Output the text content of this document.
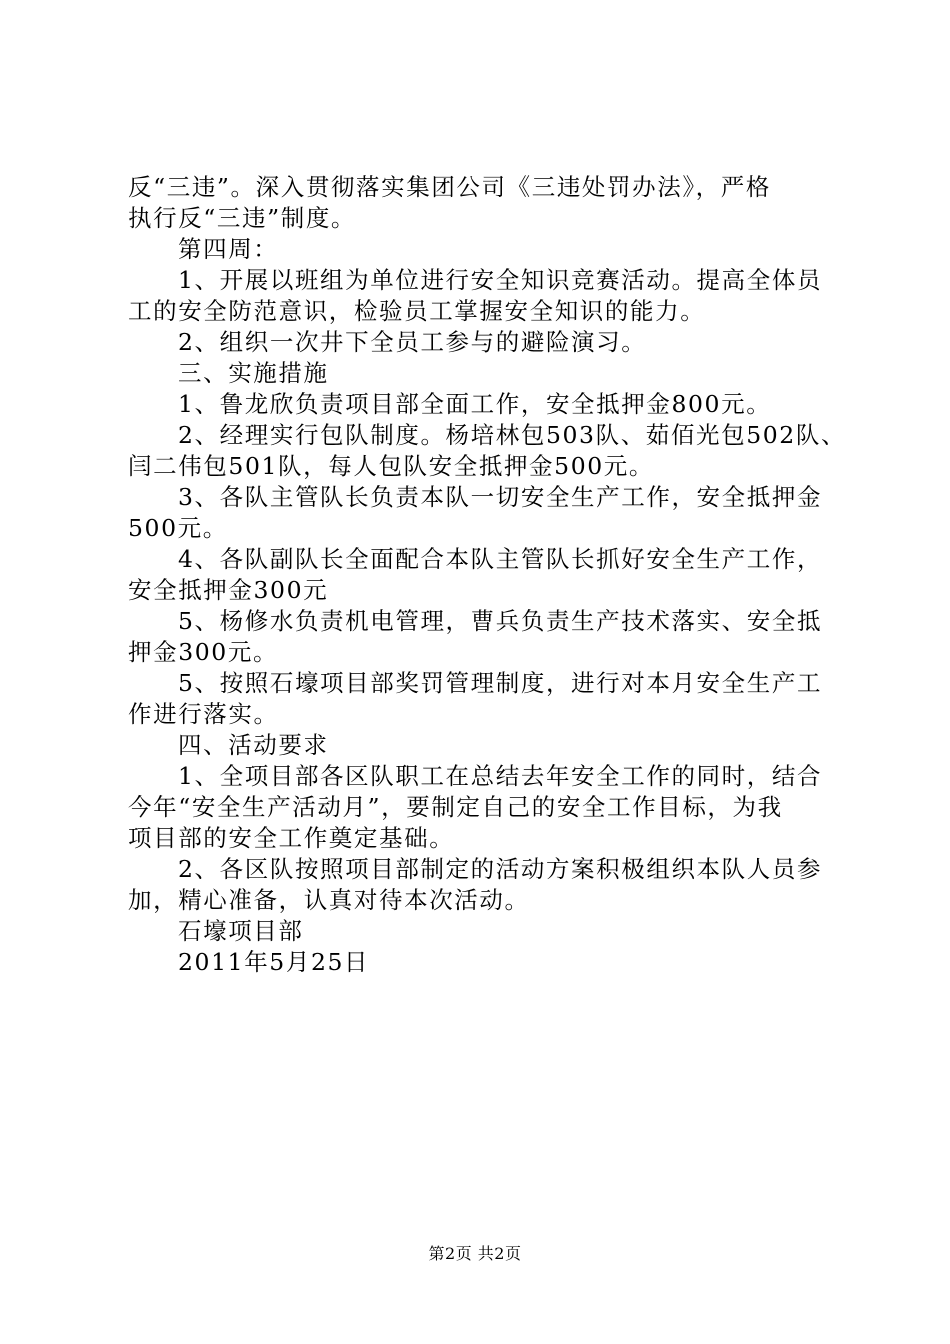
反“三违”。深入贯彻落实集团公司《三违处罚办法》，严格
执行反“三违”制度。
第四周：
1、开展以班组为单位进行安全知识竞赛活动。提高全体员
工的安全防范意识，检验员工掌握安全知识的能力。
2、组织一次井下全员工参与的避险演习。
三、实施措施
1、鲁龙欣负责项目部全面工作，安全抵押金800元。
2、经理实行包队制度。杨培林包503队、茹佰光包502队、
闫二伟包501队，每人包队安全抵押金500元。
3、各队主管队长负责本队一切安全生产工作，安全抵押金
500元。
4、各队副队长全面配合本队主管队长抓好安全生产工作，
安全抵押金300元
5、杨修水负责机电管理，曹兵负责生产技术落实、安全抵
押金300元。
5、按照石壕项目部奖罚管理制度，进行对本月安全生产工
作进行落实。
四、活动要求
1、全项目部各区队职工在总结去年安全工作的同时，结合
今年“安全生产活动月”，要制定自己的安全工作目标，为我
项目部的安全工作奠定基础。
2、各区队按照项目部制定的活动方案积极组织本队人员参
加，精心准备，认真对待本次活动。
石壕项目部
2011年5月25日
第2页 共2页
